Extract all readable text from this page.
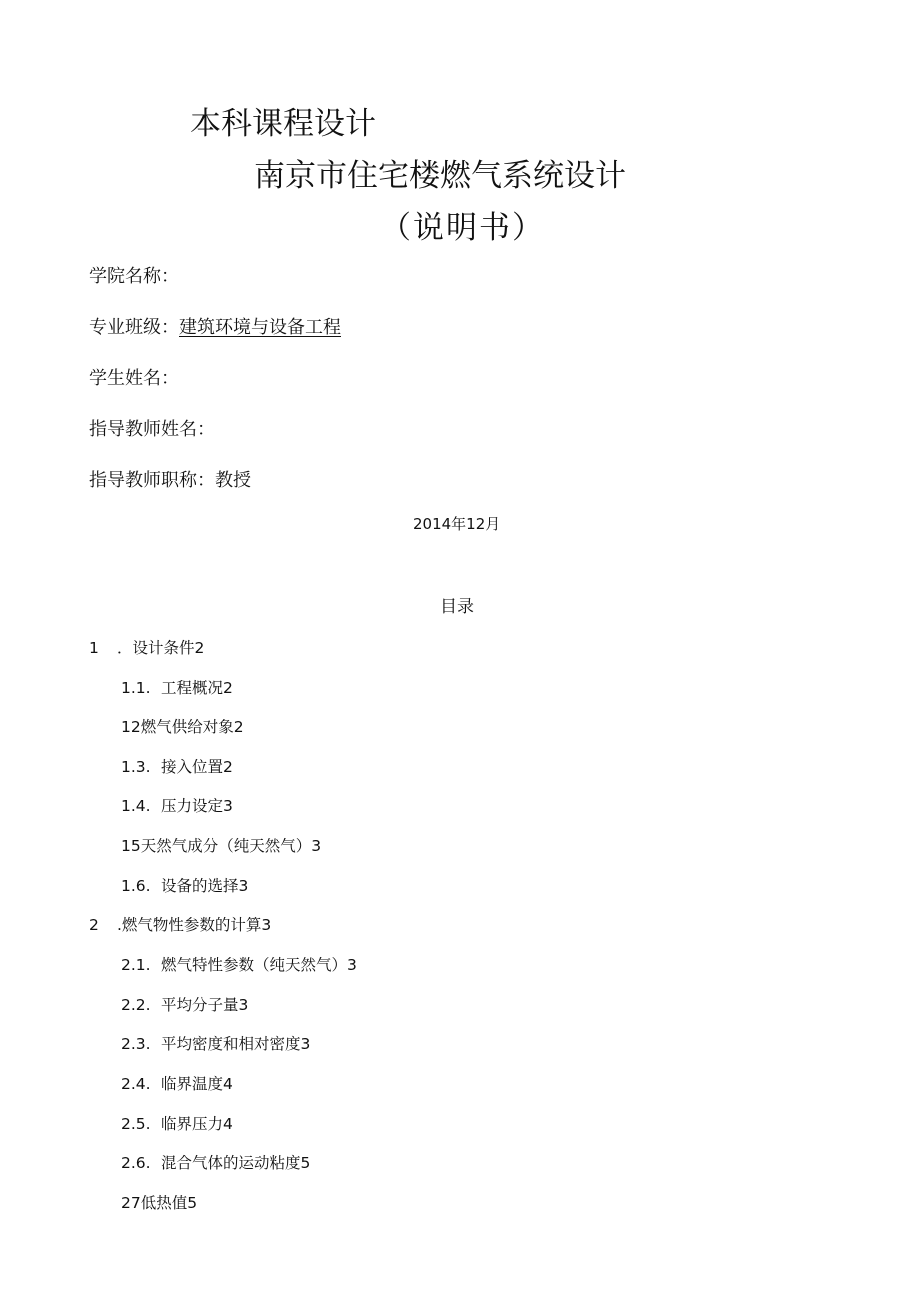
本科课程设计
南京市住宅楼燃气系统设计
（说明书）
学院名称：
专业班级：建筑环境与设备工程
学生姓名：
指导教师姓名：
指导教师职称：教授
2014年12月
目录
1 ．设计条件2
1.1. 工程概况2
12燃气供给对象2
1.3. 接入位置2
1.4. 压力设定3
15天然气成分（纯天然气）3
1.6. 设备的选择3
2 .燃气物性参数的计算3
2.1. 燃气特性参数（纯天然气）3
2.2. 平均分子量3
2.3. 平均密度和相对密度3
2.4. 临界温度4
2.5. 临界压力4
2.6. 混合气体的运动粘度5
27低热值5
